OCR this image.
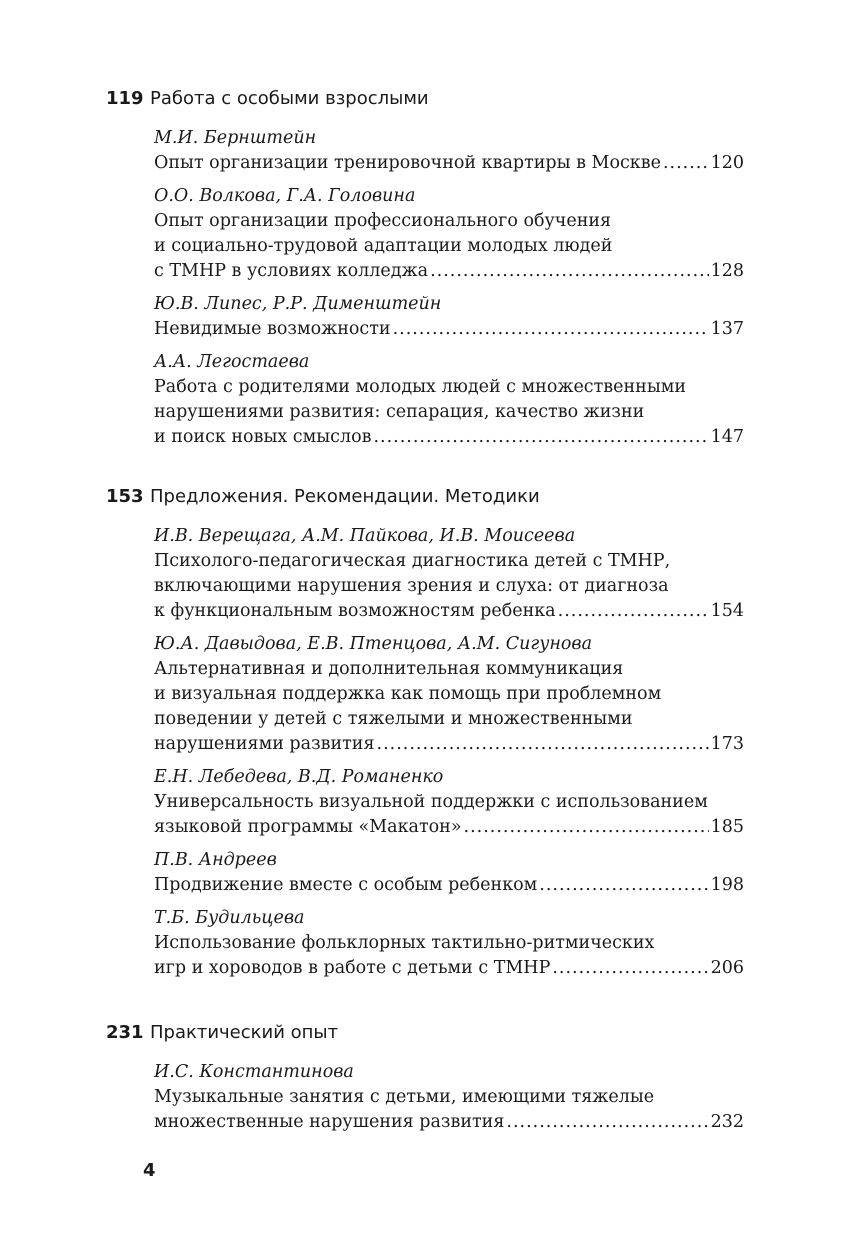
119 Работа с особыми взрослыми
М.И. Бернштейн
Опыт организации тренировочной квартиры в Москве .....	120
О.О. Волкова, Г.А. Головина
Опыт организации профессионального обучения
и социально-трудовой адаптации молодых людей
с ТМНР в условиях колледжа .....	128
Ю.В. Липес, Р.Р. Дименштейн
Невидимые возможности .....	137
А.А. Легостаева
Работа с родителями молодых людей с множественными
нарушениями развития: сепарация, качество жизни
и поиск новых смыслов .....	147
153 Предложения. Рекомендации. Методики
И.В. Верещага, А.М. Пайкова, И.В. Моисеева
Психолого-педагогическая диагностика детей с ТМНР,
включающими нарушения зрения и слуха: от диагноза
к функциональным возможностям ребенка .....	154
Ю.А. Давыдова, Е.В. Птенцова, А.М. Сигунова
Альтернативная и дополнительная коммуникация
и визуальная поддержка как помощь при проблемном
поведении у детей с тяжелыми и множественными
нарушениями развития .....	173
Е.Н. Лебедева, В.Д. Романенко
Универсальность визуальной поддержки с использованием
языковой программы «Макатон» .....	185
П.В. Андреев
Продвижение вместе с особым ребенком .....	198
Т.Б. Будильцева
Использование фольклорных тактильно-ритмических
игр и хороводов в работе с детьми с ТМНР .....	206
231 Практический опыт
И.С. Константинова
Музыкальные занятия с детьми, имеющими тяжелые
множественные нарушения развития .....	232
4
